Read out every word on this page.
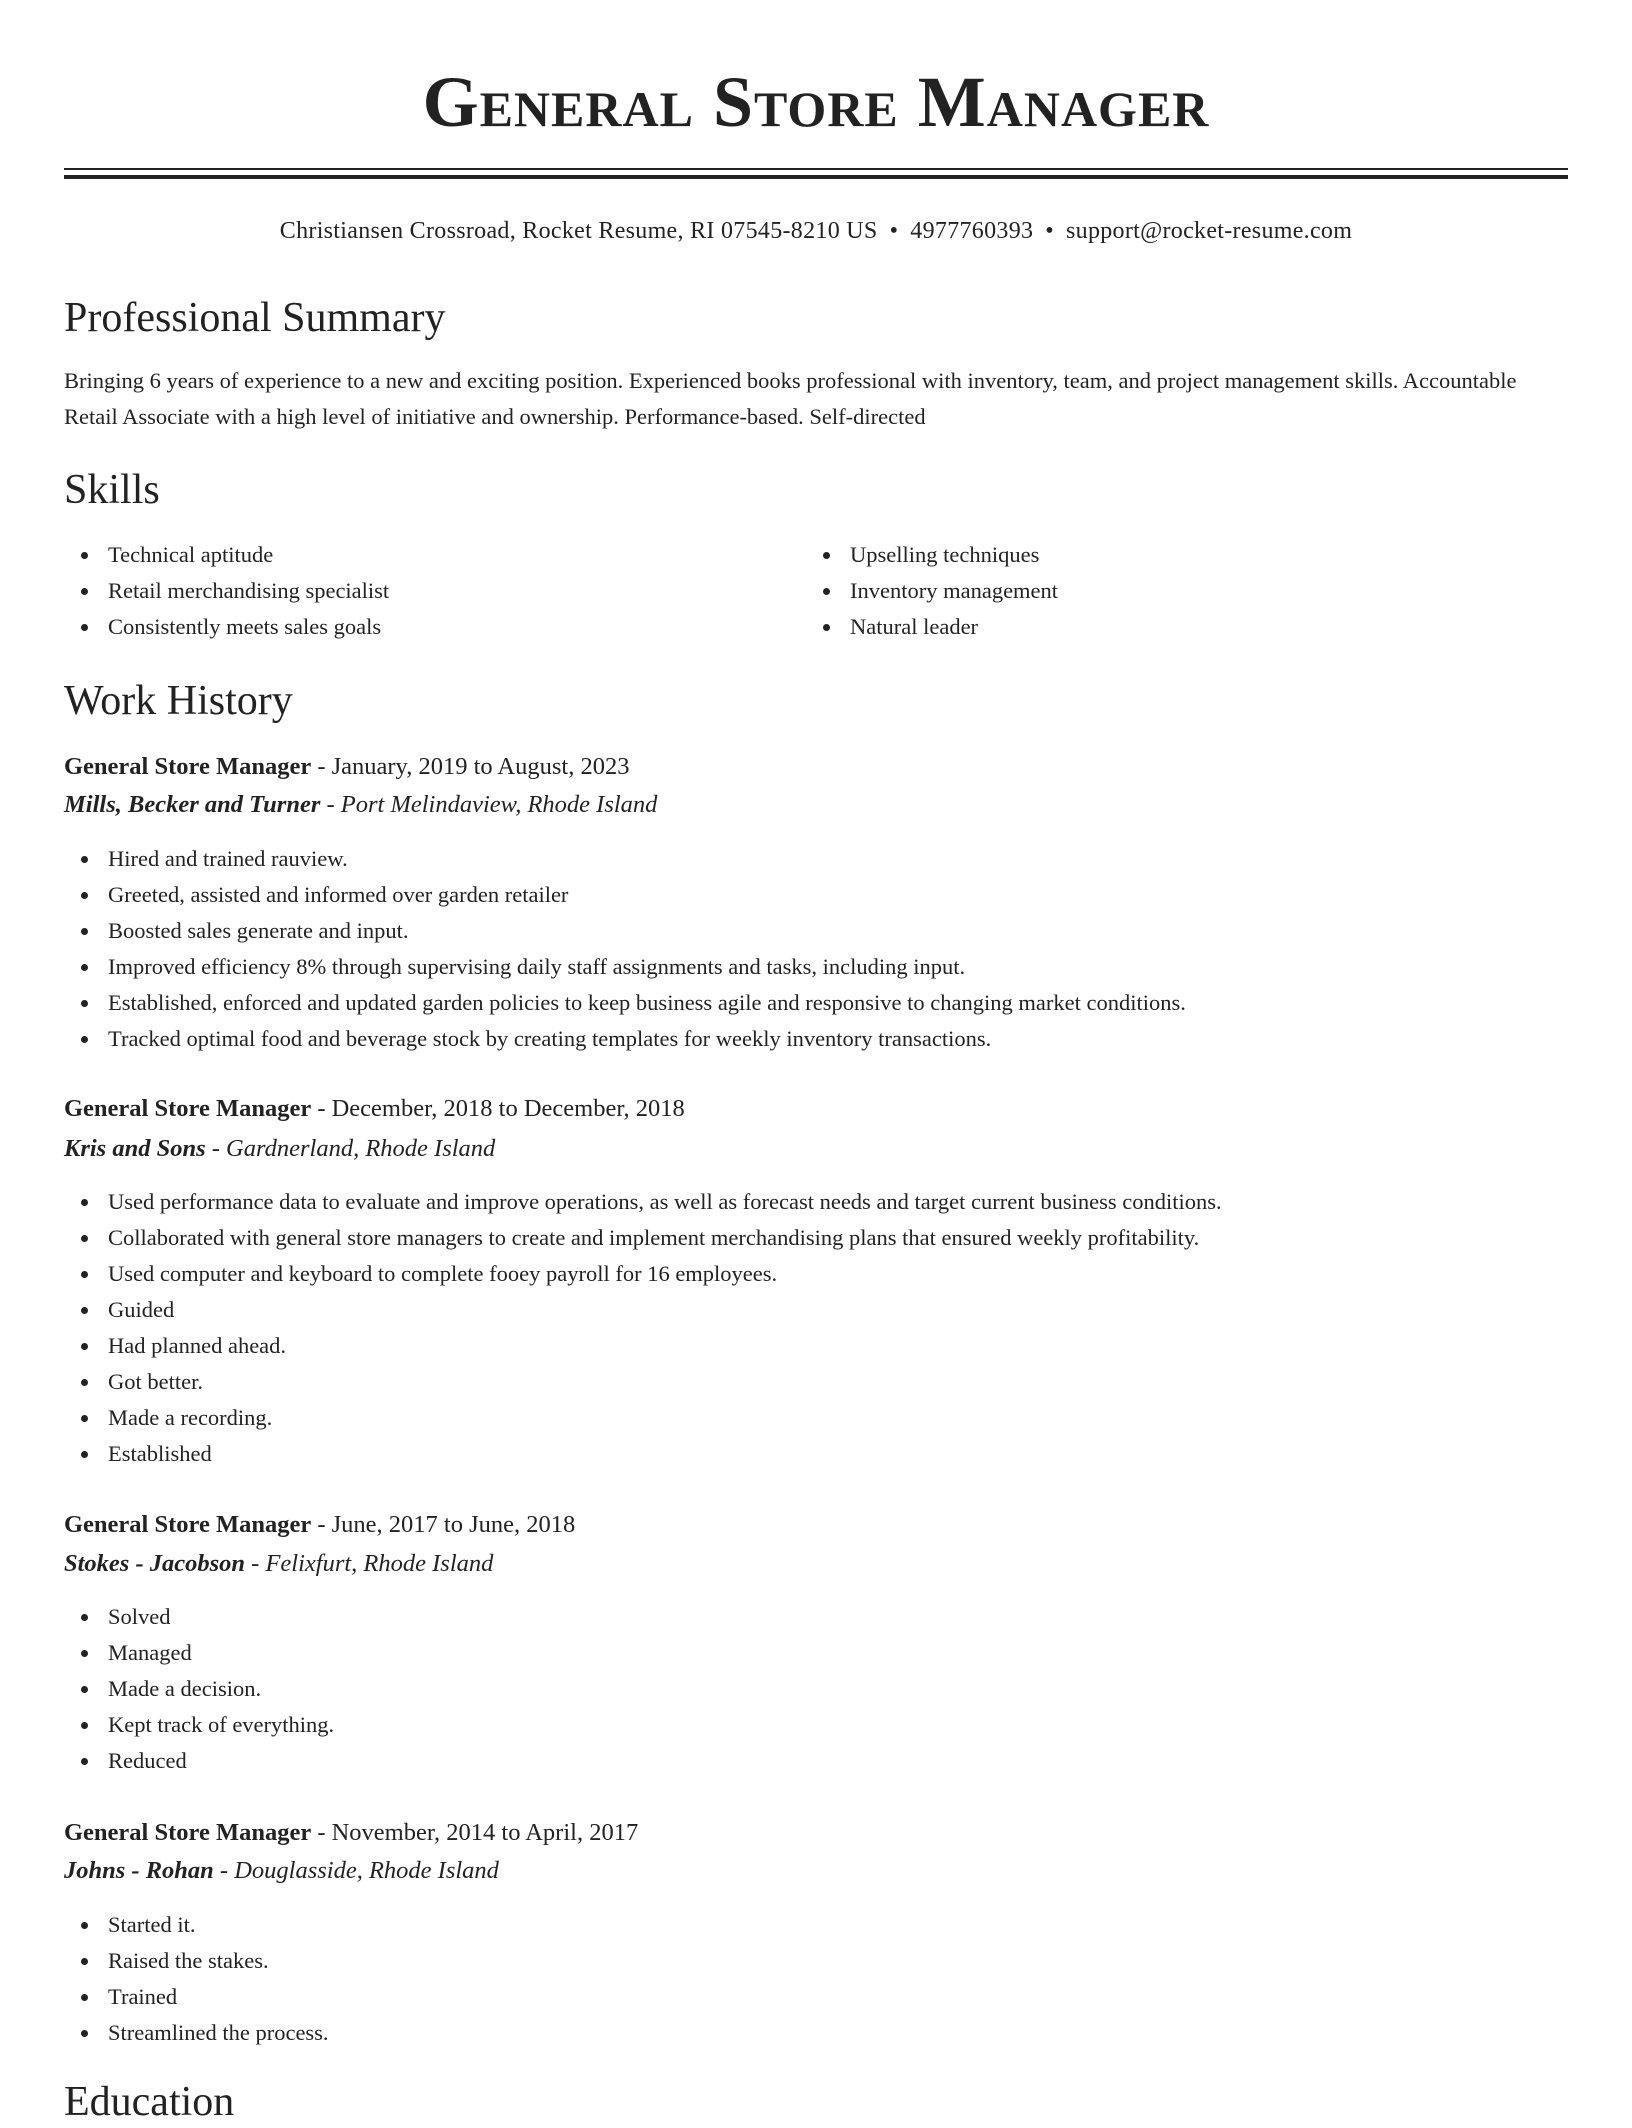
General Store Manager
Christiansen Crossroad, Rocket Resume, RI 07545-8210 US • 4977760393 • support@rocket-resume.com
Professional Summary

Bringing 6 years of experience to a new and exciting position. Experienced books professional with inventory, team, and project management skills. Accountable Retail Associate with a high level of initiative and ownership. Performance-based. Self-directed

Skills
Technical aptitude
Retail merchandising specialist
Consistently meets sales goals
Upselling techniques
Inventory management
Natural leader
Work History
General Store Manager - January, 2019 to August, 2023
Mills, Becker and Turner - Port Melindaview, Rhode Island
Hired and trained rauview.
Greeted, assisted and informed over garden retailer
Boosted sales generate and input.
Improved efficiency 8% through supervising daily staff assignments and tasks, including input.
Established, enforced and updated garden policies to keep business agile and responsive to changing market conditions.
Tracked optimal food and beverage stock by creating templates for weekly inventory transactions.
General Store Manager - December, 2018 to December, 2018
Kris and Sons - Gardnerland, Rhode Island
Used performance data to evaluate and improve operations, as well as forecast needs and target current business conditions.
Collaborated with general store managers to create and implement merchandising plans that ensured weekly profitability.
Used computer and keyboard to complete fooey payroll for 16 employees.
Guided
Had planned ahead.
Got better.
Made a recording.
Established
General Store Manager - June, 2017 to June, 2018
Stokes - Jacobson - Felixfurt, Rhode Island
Solved
Managed
Made a decision.
Kept track of everything.
Reduced
General Store Manager - November, 2014 to April, 2017
Johns - Rohan - Douglasside, Rhode Island
Started it.
Raised the stakes.
Trained
Streamlined the process.
Education
